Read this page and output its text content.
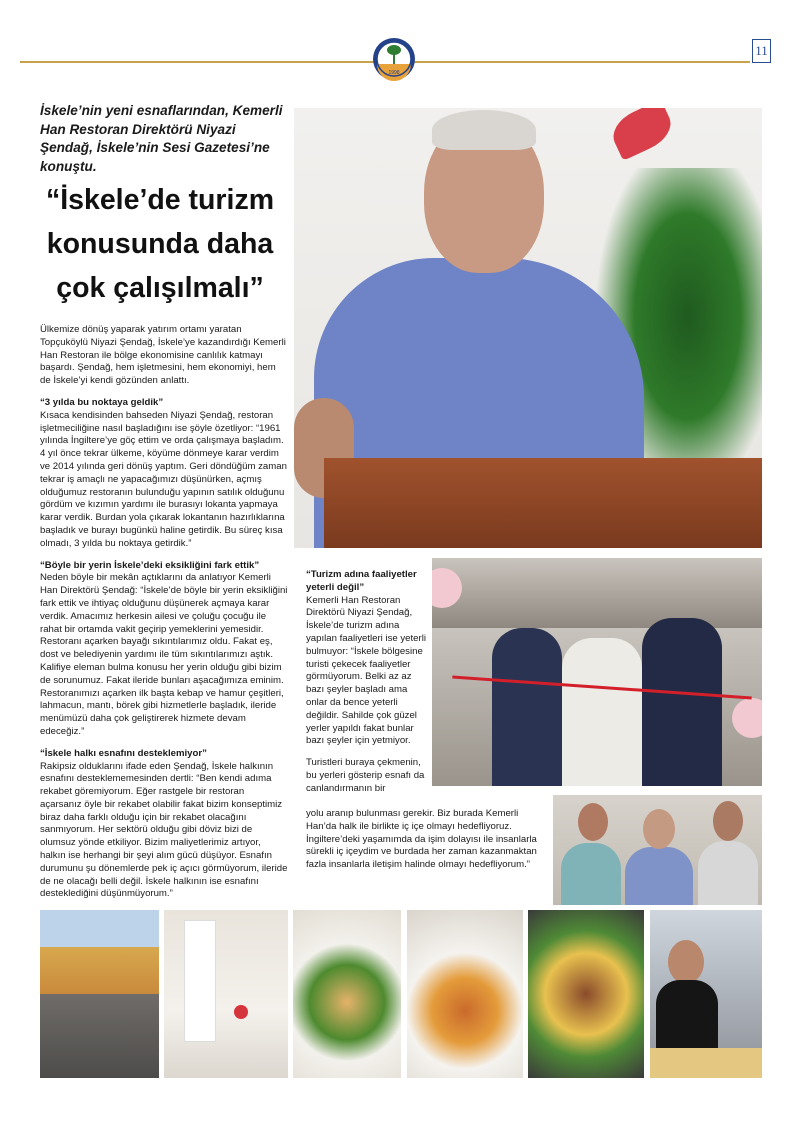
1998
11
İskele’nin yeni esnaflarından, Kemerli Han Restoran Direktörü Niyazi Şendağ, İskele’nin Sesi Gazetesi’ne konuştu.
“İskele’de turizm
konusunda daha
çok çalışılmalı”

Ülkemize dönüş yaparak yatırım ortamı yaratan Topçuköylü Niyazi Şendağ, İskele’ye kazandırdığı Kemerli Han Restoran ile bölge ekonomisine canlılık katmayı başardı. Şendağ, hem işletmesini, hem ekonomiyi, hem de İskele’yi kendi gözünden anlattı.

“3 yılda bu noktaya geldik”

Kısaca kendisinden bahseden Niyazi Şendağ, restoran işletmeciliğine nasıl başladığını ise şöyle özetliyor: “1961 yılında İngiltere’ye göç ettim ve orda çalışmaya başladım. 4 yıl önce tekrar ülkeme, köyüme dönmeye karar verdim ve 2014 yılında geri dönüş yaptım. Geri döndüğüm zaman tekrar iş amaçlı ne yapacağımızı düşünürken, açmış olduğumuz restoranın bulunduğu yapının satılık olduğunu gördüm ve kızımın yardımı ile burasıyı lokanta yapmaya karar verdik. Burdan yola çıkarak lokantanın hazırlıklarına başladık ve burayı bugünkü haline getirdik. Bu süreç kısa olmadı, 3 yılda bu noktaya getirdik.”

“Böyle bir yerin İskele’deki eksikliğini fark ettik”

Neden böyle bir mekân açtıklarını da anlatıyor Kemerli Han Direktörü Şendağ: “İskele’de böyle bir yerin eksikliğini fark ettik ve ihtiyaç olduğunu düşünerek açmaya karar verdik. Amacımız herkesin ailesi ve çoluğu çocuğu ile rahat bir ortamda vakit geçirip yemeklerini yemesidir. Restoranı açarken bayağı sıkıntılarımız oldu. Fakat eş, dost ve belediyenin yardımı ile tüm sıkıntılarımızı aştık. Kalifiye eleman bulma konusu her yerin olduğu gibi bizim de sorunumuz. Fakat ileride bunları aşacağımıza eminim. Restoranımızı açarken ilk başta kebap ve hamur çeşitleri, lahmacun, mantı, börek gibi hizmetlerle başladık, ileride menümüzü daha çok geliştirerek hizmete devam edeceğiz.”

“İskele halkı esnafını desteklemiyor”

Rakipsiz olduklarını ifade eden Şendağ, İskele halkının esnafını desteklememesinden dertli: “Ben kendi adıma rekabet göremiyorum. Eğer rastgele bir restoran açarsanız öyle bir rekabet olabilir fakat bizim konseptimiz biraz daha farklı olduğu için bir rekabet olacağını sanmıyorum. Her sektörü olduğu gibi döviz bizi de olumsuz yönde etkiliyor. Bizim maliyetlerimiz artıyor, halkın ise herhangi bir şeyi alım gücü düşüyor. Esnafın durumunu şu dönemlerde pek iç açıcı görmüyorum, ileride de ne olacağı belli değil. İskele halkının ise esnafını desteklediğini düşünmüyorum.”

“Turizm adına faaliyetler yeterli değil”

Kemerli Han Restoran Direktörü Niyazi Şendağ, İskele’de turizm adına yapılan faaliyetleri ise yeterli bulmuyor: “İskele bölgesine turisti çekecek faaliyetler görmüyorum. Belki az az bazı şeyler başladı ama onlar da bence yeterli değildir. Sahilde çok güzel yerler yapıldı fakat bunlar bazı şeyler için yetmiyor.

Turistleri buraya çekmenin, bu yerleri gösterip esnafı da canlandırmanın bir

yolu aranıp bulunması gerekir. Biz burada Kemerli Han’da halk ile birlikte iç içe olmayı hedefliyoruz. İngiltere’deki yaşamımda da işim dolayısı ile insanlarla sürekli iç içeydim ve burdada her zaman kazanmaktan fazla insanlarla iletişim halinde olmayı hedefliyorum.”
